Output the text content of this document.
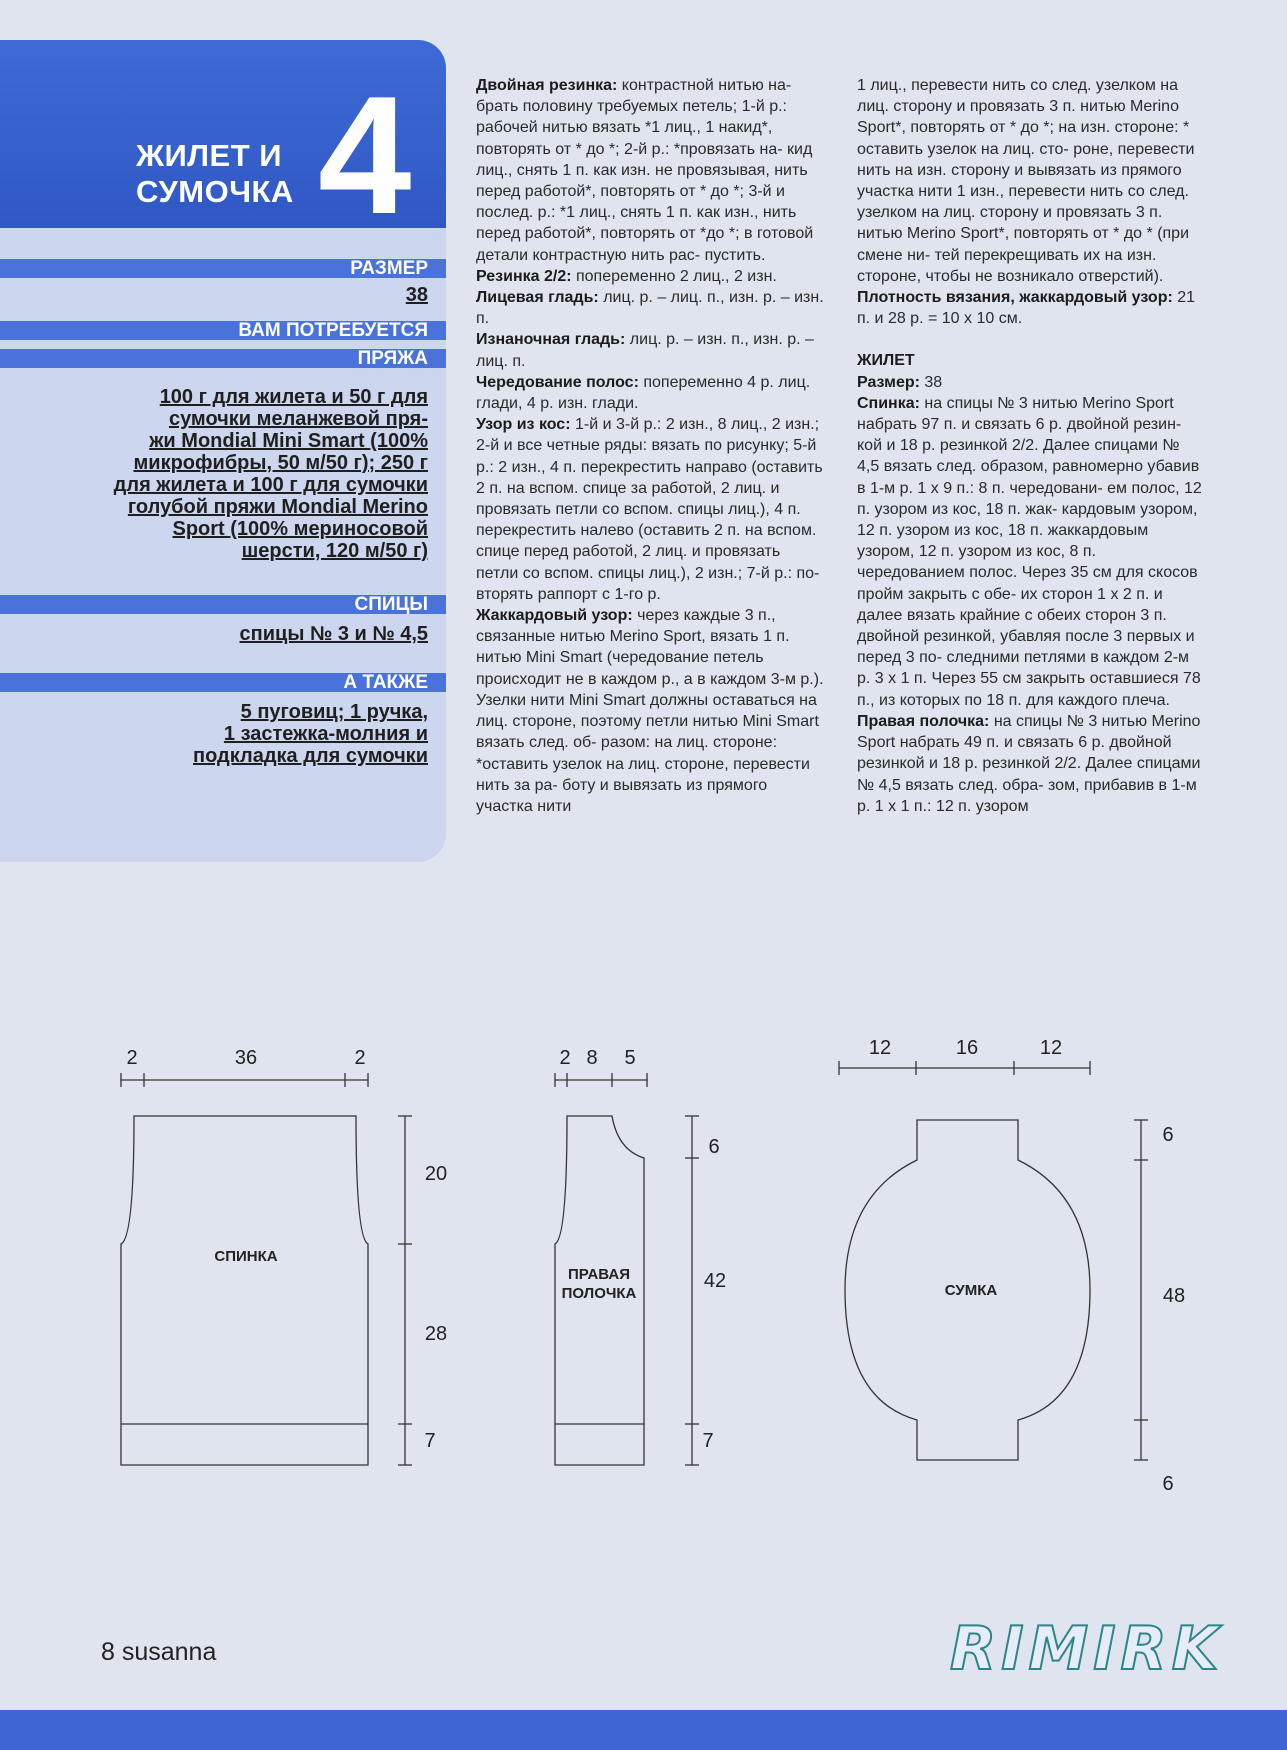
ЖИЛЕТ И
СУМОЧКА 4
РАЗМЕР
38
ВАМ ПОТРЕБУЕТСЯ
ПРЯЖА
100 г для жилета и 50 г для
сумочки меланжевой пря-
жи Mondial Mini Smart (100%
микрофибры, 50 м/50 г); 250 г
для жилета и 100 г для сумочки
голубой пряжи Mondial Merino
Sport (100% мериносовой
шерсти, 120 м/50 г)
СПИЦЫ
спицы № 3 и № 4,5
А ТАКЖЕ
5 пуговиц; 1 ручка,
1 застежка-молния и
подкладка для сумочки

Двойная резинка: контрастной нитью на- брать половину требуемых петель; 1-й р.: рабочей нитью вязать *1 лиц., 1 накид*, повторять от * до *; 2-й р.: *провязать на- кид лиц., снять 1 п. как изн. не провязывая, нить перед работой*, повторять от * до *; 3-й и послед. р.: *1 лиц., снять 1 п. как изн., нить перед работой*, повторять от *до *; в готовой детали контрастную нить рас- пустить.

Резинка 2/2: попеременно 2 лиц., 2 изн.

Лицевая гладь: лиц. р. – лиц. п., изн. р. – изн. п.

Изнаночная гладь: лиц. р. – изн. п., изн. р. – лиц. п.

Чередование полос: попеременно 4 р. лиц. глади, 4 р. изн. глади.

Узор из кос: 1-й и 3-й р.: 2 изн., 8 лиц., 2 изн.; 2-й и все четные ряды: вязать по рисунку; 5-й р.: 2 изн., 4 п. перекрестить направо (оставить 2 п. на вспом. спице за работой, 2 лиц. и провязать петли со вспом. спицы лиц.), 4 п. перекрестить налево (оставить 2 п. на вспом. спице перед работой, 2 лиц. и провязать петли со вспом. спицы лиц.), 2 изн.; 7-й р.: по- вторять раппорт с 1-го р.

Жаккардовый узор: через каждые 3 п., связанные нитью Merino Sport, вязать 1 п. нитью Mini Smart (чередование петель происходит не в каждом р., а в каждом 3-м р.). Узелки нити Mini Smart должны оставаться на лиц. стороне, поэтому петли нитью Mini Smart вязать след. об- разом: на лиц. стороне: *оставить узелок на лиц. стороне, перевести нить за ра- боту и вывязать из прямого участка нити

1 лиц., перевести нить со след. узелком на лиц. сторону и провязать 3 п. нитью Merino Sport*, повторять от * до *; на изн. стороне: * оставить узелок на лиц. сто- роне, перевести нить на изн. сторону и вывязать из прямого участка нити 1 изн., перевести нить со след. узелком на лиц. сторону и провязать 3 п. нитью Merino Sport*, повторять от * до * (при смене ни- тей перекрещивать их на изн. стороне, чтобы не возникало отверстий).

Плотность вязания, жаккардовый узор: 21 п. и 28 р. = 10 х 10 см.

ЖИЛЕТ

Размер: 38

Спинка: на спицы № 3 нитью Merino Sport набрать 97 п. и связать 6 р. двойной резин- кой и 18 р. резинкой 2/2. Далее спицами № 4,5 вязать след. образом, равномерно убавив в 1-м р. 1 х 9 п.: 8 п. чередовани- ем полос, 12 п. узором из кос, 18 п. жак- кардовым узором, 12 п. узором из кос, 18 п. жаккардовым узором, 12 п. узором из кос, 8 п. чередованием полос. Через 35 см для скосов пройм закрыть с обе- их сторон 1 х 2 п. и далее вязать крайние с обеих сторон 3 п. двойной резинкой, убавляя после 3 первых и перед 3 по- следними петлями в каждом 2-м р. 3 х 1 п. Через 55 см закрыть оставшиеся 78 п., из которых по 18 п. для каждого плеча.

Правая полочка: на спицы № 3 нитью Merino Sport набрать 49 п. и связать 6 р. двойной резинкой и 18 р. резинкой 2/2. Далее спицами № 4,5 вязать след. обра- зом, прибавив в 1-м р. 1 х 1 п.: 12 п. узором

2	36	2
20
28
7
СПИНКА
2 8 5
6
42
7
ПРАВАЯ
ПОЛОЧКА
12	16	12
6
48
6
СУМКА
8 susanna	RIMIRK
